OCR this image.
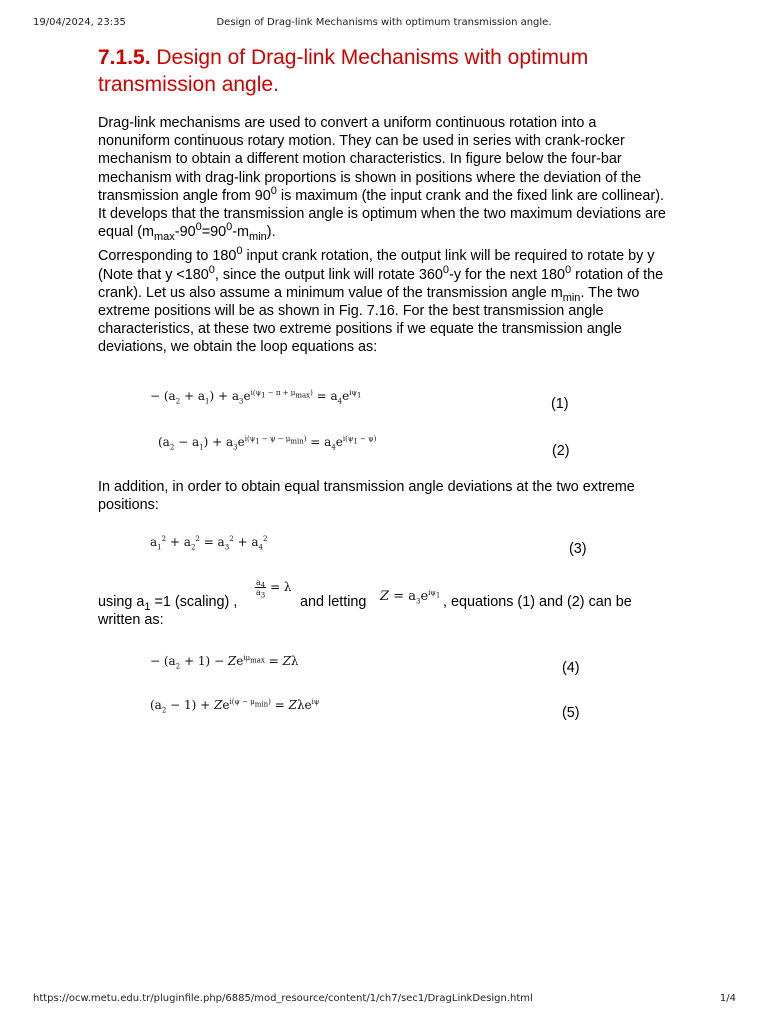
19/04/2024, 23:35	Design of Drag-link Mechanisms with optimum transmission angle.
7.1.5. Design of Drag-link Mechanisms with optimum transmission angle.

Drag-link mechanisms are used to convert a uniform continuous rotation into a nonuniform continuous rotary motion. They can be used in series with crank-rocker mechanism to obtain a different motion characteristics. In figure below the four-bar mechanism with drag-link proportions is shown in positions where the deviation of the transmission angle from $90^0$ is maximum (the input crank and the fixed link are collinear). It develops that the transmission angle is optimum when the two maximum deviations are equal $(m_{max}-90^0=90^0-m_{min})$.

Corresponding to $180^0$ input crank rotation, the output link will be required to rotate by y (Note that $y <180^0$, since the output link will rotate $360^0-y$ for the next $180^0$ rotation of the crank). Let us also assume a minimum value of the transmission angle $m_{min}$. The two extreme positions will be as shown in Fig. 7.16. For the best transmission angle characteristics, at these two extreme positions if we equate the transmission angle deviations, we obtain the loop equations as:

− $(a_2 + a_1) + a_3e^{i(\psi_1 - \pi + \mu_{max})} = a_4e^{i\psi_1}$
(1)
$(a_2 - a_1) + a_3e^{i(\psi_1 - \psi - \mu_{min})} = a_4e^{i(\psi_1 - \psi)}$
(2)

In addition, in order to obtain equal transmission angle deviations at the two extreme positions:

$a_1^2 + a_2^2 = a_3^2 + a_4^2$
(3)
using $a_1 =1$ (scaling) ,
$\frac{a_4}{a_3} = \lambda$
and letting $Z = a_3e^{i\psi_1}$ , equations (1) and (2) can be written as:
− $(a_2 + 1) - Ze^{i\mu_{max}} = Z\lambda$	(4)
$(a_2 - 1) + Ze^{i(\psi - \mu_{min})} = Z\lambda e^{i\psi}$
(5)
https://ocw.metu.edu.tr/pluginfile.php/6885/mod_resource/content/1/ch7/sec1/DragLinkDesign.html	1/4
